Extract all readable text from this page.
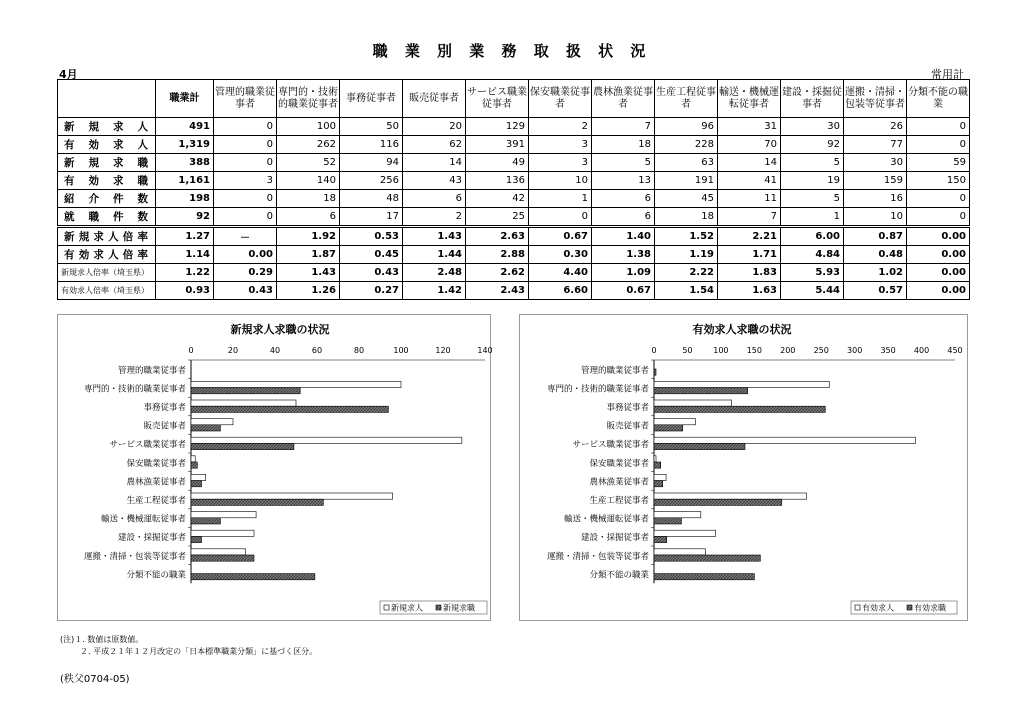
職 業 別 業 務 取 扱 状 況
4月	常用計
	職業計	管理的職業従事者	専門的・技術的職業従事者	事務従事者	販売従事者	サービス職業従事者	保安職業従事者	農林漁業従事者	生産工程従事者	輸送・機械運転従事者	建設・採掘従事者	運搬・清掃・包装等従事者	分類不能の職業
新規求人	491	0	100	50	20	129	2	7	96	31	30	26	0
有効求人	1,319	0	262	116	62	391	3	18	228	70	92	77	0
新規求職	388	0	52	94	14	49	3	5	63	14	5	30	59
有効求職	1,161	3	140	256	43	136	10	13	191	41	19	159	150
紹介件数	198	0	18	48	6	42	1	6	45	11	5	16	0
就職件数	92	0	6	17	2	25	0	6	18	7	1	10	0
新規求人倍率	1.27	－	1.92	0.53	1.43	2.63	0.67	1.40	1.52	2.21	6.00	0.87	0.00
有効求人倍率	1.14	0.00	1.87	0.45	1.44	2.88	0.30	1.38	1.19	1.71	4.84	0.48	0.00
新規求人倍率（埼玉県）	1.22	0.29	1.43	0.43	2.48	2.62	4.40	1.09	2.22	1.83	5.93	1.02	0.00
有効求人倍率（埼玉県）	0.93	0.43	1.26	0.27	1.42	2.43	6.60	0.67	1.54	1.63	5.44	0.57	0.00
新規求人求職の状況
0	20	40	60	80	100	120	140
管理的職業従事者
専門的・技術的職業従事者
事務従事者
販売従事者
サービス職業従事者
保安職業従事者
農林漁業従事者
生産工程従事者
輸送・機械運転従事者
建設・採掘従事者
運搬・清掃・包装等従事者
分類不能の職業
新規求人	新規求職
有効求人求職の状況
0	50	100 150 200 250 300 350 400 450
管理的職業従事者
専門的・技術的職業従事者
事務従事者
販売従事者
サービス職業従事者
保安職業従事者
農林漁業従事者
生産工程従事者
輸送・機械運転従事者
建設・採掘従事者
運搬・清掃・包装等従事者
分類不能の職業
有効求人	有効求職
(注)１. 数値は原数値。
２. 平成２１年１２月改定の「日本標準職業分類」に基づく区分。
(秩父0704-05)
